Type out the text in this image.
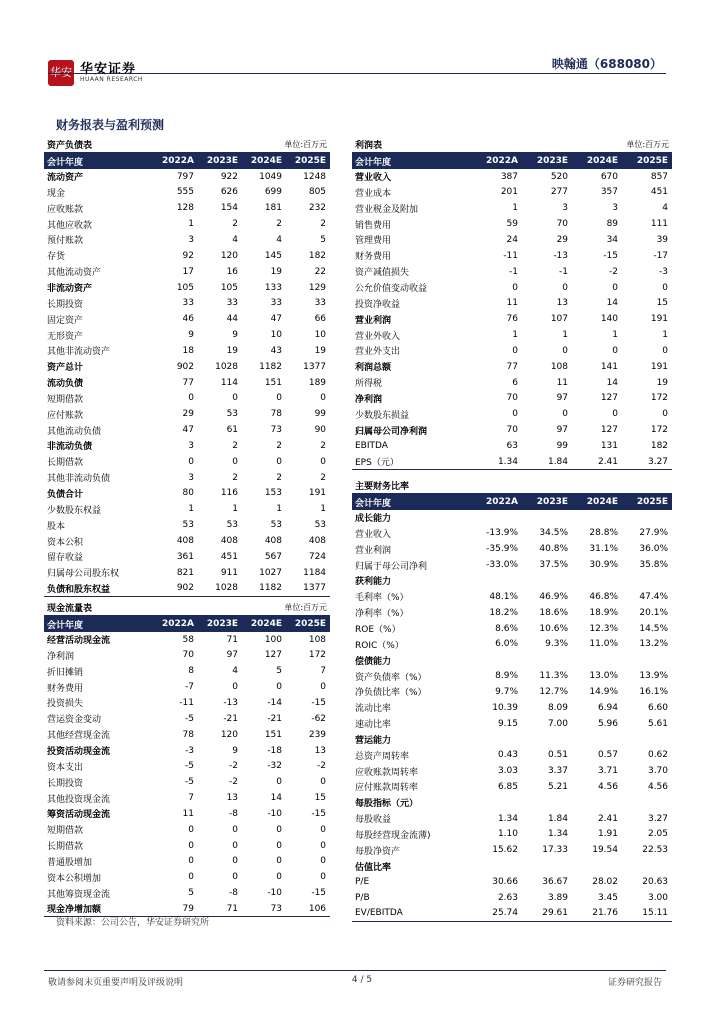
华安 华安证券
HUAAN RESEARCH
映翰通（688080）
财务报表与盈利预测
资产负债表			单位:百万元	
会计年度	2022A	2023E	2024E	2025E
流动资产	797	922	1049	1248
现金	555	626	699	805
应收账款	128	154	181	232
其他应收款	1	2	2	2
预付账款	3	4	4	5
存货	92	120	145	182
其他流动资产	17	16	19	22
非流动资产	105	105	133	129
长期投资	33	33	33	33
固定资产	46	44	47	66
无形资产	9	9	10	10
其他非流动资产	18	19	43	19
资产总计	902	1028	1182	1377
流动负债	77	114	151	189
短期借款	0	0	0	0
应付账款	29	53	78	99
其他流动负债	47	61	73	90
非流动负债	3	2	2	2
长期借款	0	0	0	0
其他非流动负债	3	2	2	2
负债合计	80	116	153	191
少数股东权益	1	1	1	1
股本	53	53	53	53
资本公积	408	408	408	408
留存收益	361	451	567	724
归属母公司股东权	821	911	1027	1184
负债和股东权益	902	1028	1182	1377
利润表			单位:百万元	
会计年度	2022A	2023E	2024E	2025E
营业收入	387	520	670	857
营业成本	201	277	357	451
营业税金及附加	1	3	3	4
销售费用	59	70	89	111
管理费用	24	29	34	39
财务费用	-11	-13	-15	-17
资产减值损失	-1	-1	-2	-3
公允价值变动收益	0	0	0	0
投资净收益	11	13	14	15
营业利润	76	107	140	191
营业外收入	1	1	1	1
营业外支出	0	0	0	0
利润总额	77	108	141	191
所得税	6	11	14	19
净利润	70	97	127	172
少数股东损益	0	0	0	0
归属母公司净利润	70	97	127	172
EBITDA	63	99	131	182
EPS（元）	1.34	1.84	2.41	3.27
主要财务比率				
会计年度	2022A	2023E	2024E	2025E
成长能力				
营业收入	-13.9%	34.5%	28.8%	27.9%
营业利润	-35.9%	40.8%	31.1%	36.0%
归属于母公司净利	-33.0%	37.5%	30.9%	35.8%
获利能力				
毛利率（%）	48.1%	46.9%	46.8%	47.4%
净利率（%）	18.2%	18.6%	18.9%	20.1%
ROE（%）	8.6%	10.6%	12.3%	14.5%
ROIC（%）	6.0%	9.3%	11.0%	13.2%
偿债能力				
资产负债率（%）	8.9%	11.3%	13.0%	13.9%
净负债比率（%）	9.7%	12.7%	14.9%	16.1%
流动比率	10.39	8.09	6.94	6.60
速动比率	9.15	7.00	5.96	5.61
营运能力				
总资产周转率	0.43	0.51	0.57	0.62
应收账款周转率	3.03	3.37	3.71	3.70
应付账款周转率	6.85	5.21	4.56	4.56
每股指标（元）				
每股收益	1.34	1.84	2.41	3.27
每股经营现金流薄)	1.10	1.34	1.91	2.05
每股净资产	15.62	17.33	19.54	22.53
估值比率				
P/E	30.66	36.67	28.02	20.63
P/B	2.63	3.89	3.45	3.00
EV/EBITDA	25.74	29.61	21.76	15.11
现金流量表			单位:百万元	
会计年度	2022A	2023E	2024E	2025E
经营活动现金流	58	71	100	108
净利润	70	97	127	172
折旧摊销	8	4	5	7
财务费用	-7	0	0	0
投资损失	-11	-13	-14	-15
营运资金变动	-5	-21	-21	-62
其他经营现金流	78	120	151	239
投资活动现金流	-3	9	-18	13
资本支出	-5	-2	-32	-2
长期投资	-5	-2	0	0
其他投资现金流	7	13	14	15
筹资活动现金流	11	-8	-10	-15
短期借款	0	0	0	0
长期借款	0	0	0	0
普通股增加	0	0	0	0
资本公积增加	0	0	0	0
其他筹资现金流	5	-8	-10	-15
现金净增加额	79	71	73	106
资料来源：公司公告，华安证券研究所
敬请参阅末页重要声明及评级说明	4 / 5	证券研究报告
